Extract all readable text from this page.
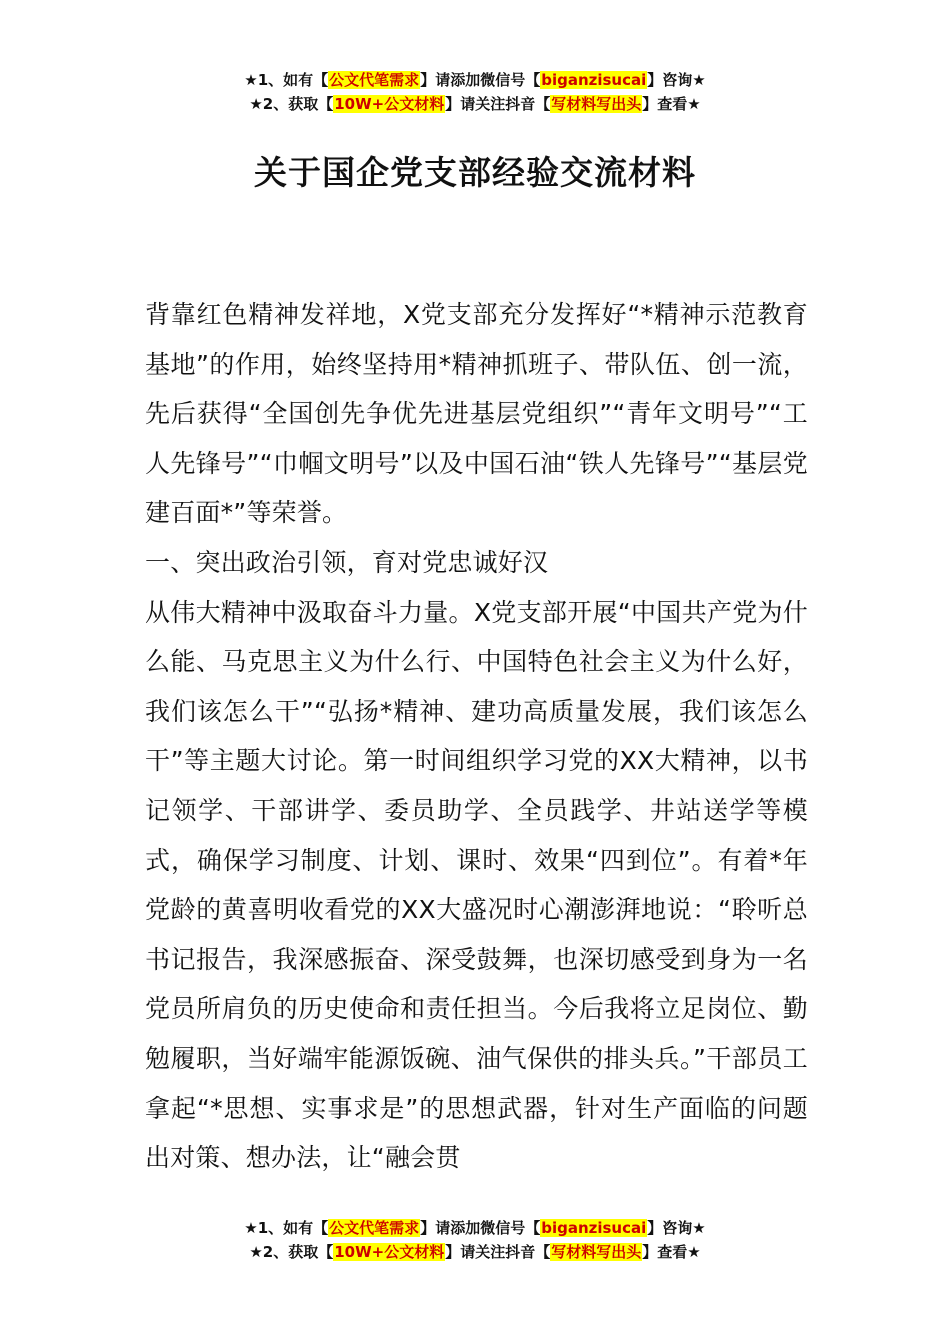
★1、如有【公文代笔需求】请添加微信号【biganzisucai】咨询★
★2、获取【10W+公文材料】请关注抖音【写材料写出头】查看★
关于国企党支部经验交流材料

背靠红色精神发祥地，X党支部充分发挥好“*精神示范教育基地”的作用，始终坚持用*精神抓班子、带队伍、创一流，先后获得“全国创先争优先进基层党组织”“青年文明号”“工人先锋号”“巾帼文明号”以及中国石油“铁人先锋号”“基层党建百面*”等荣誉。

一、突出政治引领，育对党忠诚好汉

从伟大精神中汲取奋斗力量。X党支部开展“中国共产党为什么能、马克思主义为什么行、中国特色社会主义为什么好，我们该怎么干”“弘扬*精神、建功高质量发展，我们该怎么干”等主题大讨论。第一时间组织学习党的XX大精神，以书记领学、干部讲学、委员助学、全员践学、井站送学等模式，确保学习制度、计划、课时、效果“四到位”。有着*年党龄的黄喜明收看党的XX大盛况时心潮澎湃地说：“聆听总书记报告，我深感振奋、深受鼓舞，也深切感受到身为一名党员所肩负的历史使命和责任担当。今后我将立足岗位、勤勉履职，当好端牢能源饭碗、油气保供的排头兵。”干部员工拿起“*思想、实事求是”的思想武器，针对生产面临的问题出对策、想办法，让“融会贯

★1、如有【公文代笔需求】请添加微信号【biganzisucai】咨询★
★2、获取【10W+公文材料】请关注抖音【写材料写出头】查看★
